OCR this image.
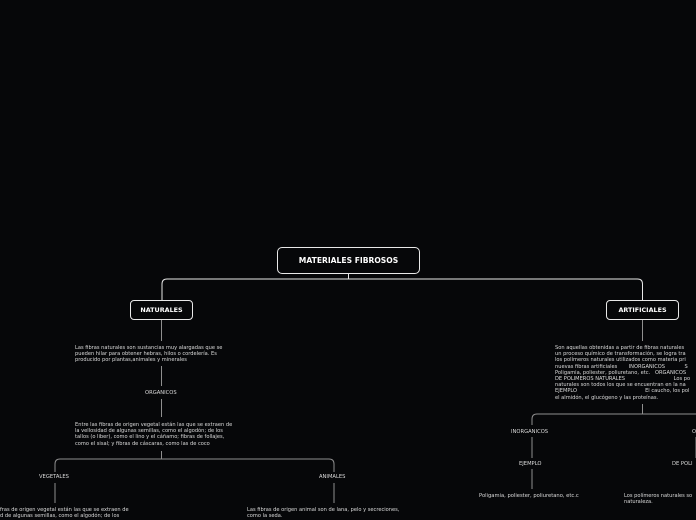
MATERIALES FIBROSOS
NATURALES	ARTIFICIALES
Las fibras naturales son sustancias muy alargadas que se
pueden hilar para obtener hebras, hilos o cordelería. Es
producido por plantas,animales y minerales
ORGANICOS
Entre las fibras de origen vegetal están las que se extraen de
la vellosidad de algunas semillas, como el algodón; de los
tallos (o liber), como el lino y el cáñamo; fibras de follajes,
como el sisal; y fibras de cáscaras, como las de coco
VEGETALES	ANIMALES
fras de origen vegetal están las que se extraen de
d de algunas semillas, como el algodón; de los
Las fibras de origen animal son de lana, pelo y secreciones,
como la seda.
Son aquellas obtenidas a partir de fibras naturales
un proceso químico de transformación, se logra tra
los polímeros naturales utilizados como materia pri
nuevas fibras artificiales       INORGANICOS            S
Poligamia, poliester, poliuretano, etc.   ORGANICOS
DE POLIMEROS NATURALES                              Los po
naturales son todos los que se encuentran en la na
EJEMPLO                                          El caucho, los pol
el almidón, el glucógeno y las proteínas.
INORGANICOS	O
EJEMPLO	DE POLI
Poligamia, poliester, poliuretano, etc.c	Los polímeros naturales so
naturaleza.
